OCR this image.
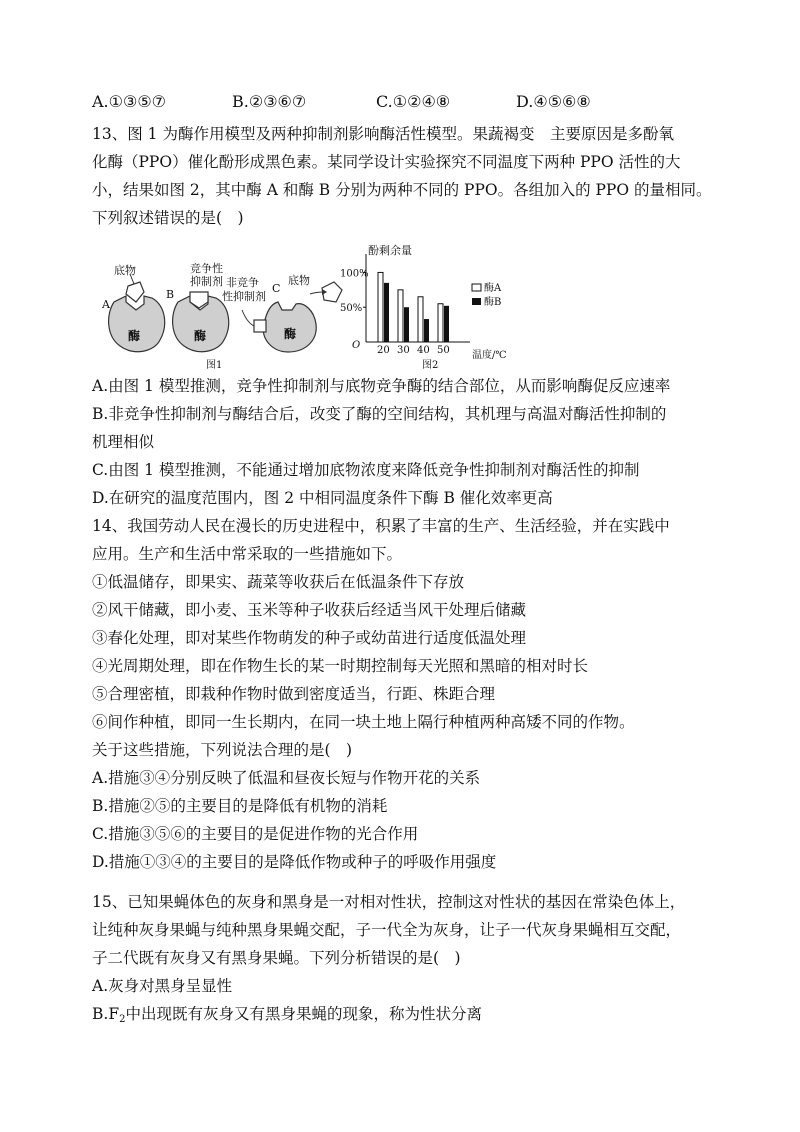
A.①③⑤⑦	B.②③⑥⑦	C.①②④⑧	D.④⑤⑥⑧
13、图 1 为酶作用模型及两种抑制剂影响酶活性模型。果蔬褐变　主要原因是多酚氧
化酶（PPO）催化酚形成黑色素。某同学设计实验探究不同温度下两种 PPO 活性的大
小，结果如图 2，其中酶 A 和酶 B 分别为两种不同的 PPO。各组加入的 PPO 的量相同。
下列叙述错误的是(　)
底物
A
酶
竞争性
抑制剂
B
酶
非竞争
性抑制剂
C
底物
酶
图1
酚剩余量
O
温度/℃
图2
酶A
酶B
50%
100%
20 30 40 50
A.由图 1 模型推测，竞争性抑制剂与底物竞争酶的结合部位，从而影响酶促反应速率
B.非竞争性抑制剂与酶结合后，改变了酶的空间结构，其机理与高温对酶活性抑制的
机理相似
C.由图 1 模型推测，不能通过增加底物浓度来降低竞争性抑制剂对酶活性的抑制
D.在研究的温度范围内，图 2 中相同温度条件下酶 B 催化效率更高
14、我国劳动人民在漫长的历史进程中，积累了丰富的生产、生活经验，并在实践中
应用。生产和生活中常采取的一些措施如下。
①低温储存，即果实、蔬菜等收获后在低温条件下存放
②风干储藏，即小麦、玉米等种子收获后经适当风干处理后储藏
③春化处理，即对某些作物萌发的种子或幼苗进行适度低温处理
④光周期处理，即在作物生长的某一时期控制每天光照和黑暗的相对时长
⑤合理密植，即栽种作物时做到密度适当，行距、株距合理
⑥间作种植，即同一生长期内，在同一块土地上隔行种植两种高矮不同的作物。
关于这些措施，下列说法合理的是(　)
A.措施③④分别反映了低温和昼夜长短与作物开花的关系
B.措施②⑤的主要目的是降低有机物的消耗
C.措施③⑤⑥的主要目的是促进作物的光合作用
D.措施①③④的主要目的是降低作物或种子的呼吸作用强度
15、已知果蝇体色的灰身和黑身是一对相对性状，控制这对性状的基因在常染色体上，
让纯种灰身果蝇与纯种黑身果蝇交配，子一代全为灰身，让子一代灰身果蝇相互交配，
子二代既有灰身又有黑身果蝇。下列分析错误的是(　)
A.灰身对黑身呈显性
B.F2中出现既有灰身又有黑身果蝇的现象，称为性状分离
